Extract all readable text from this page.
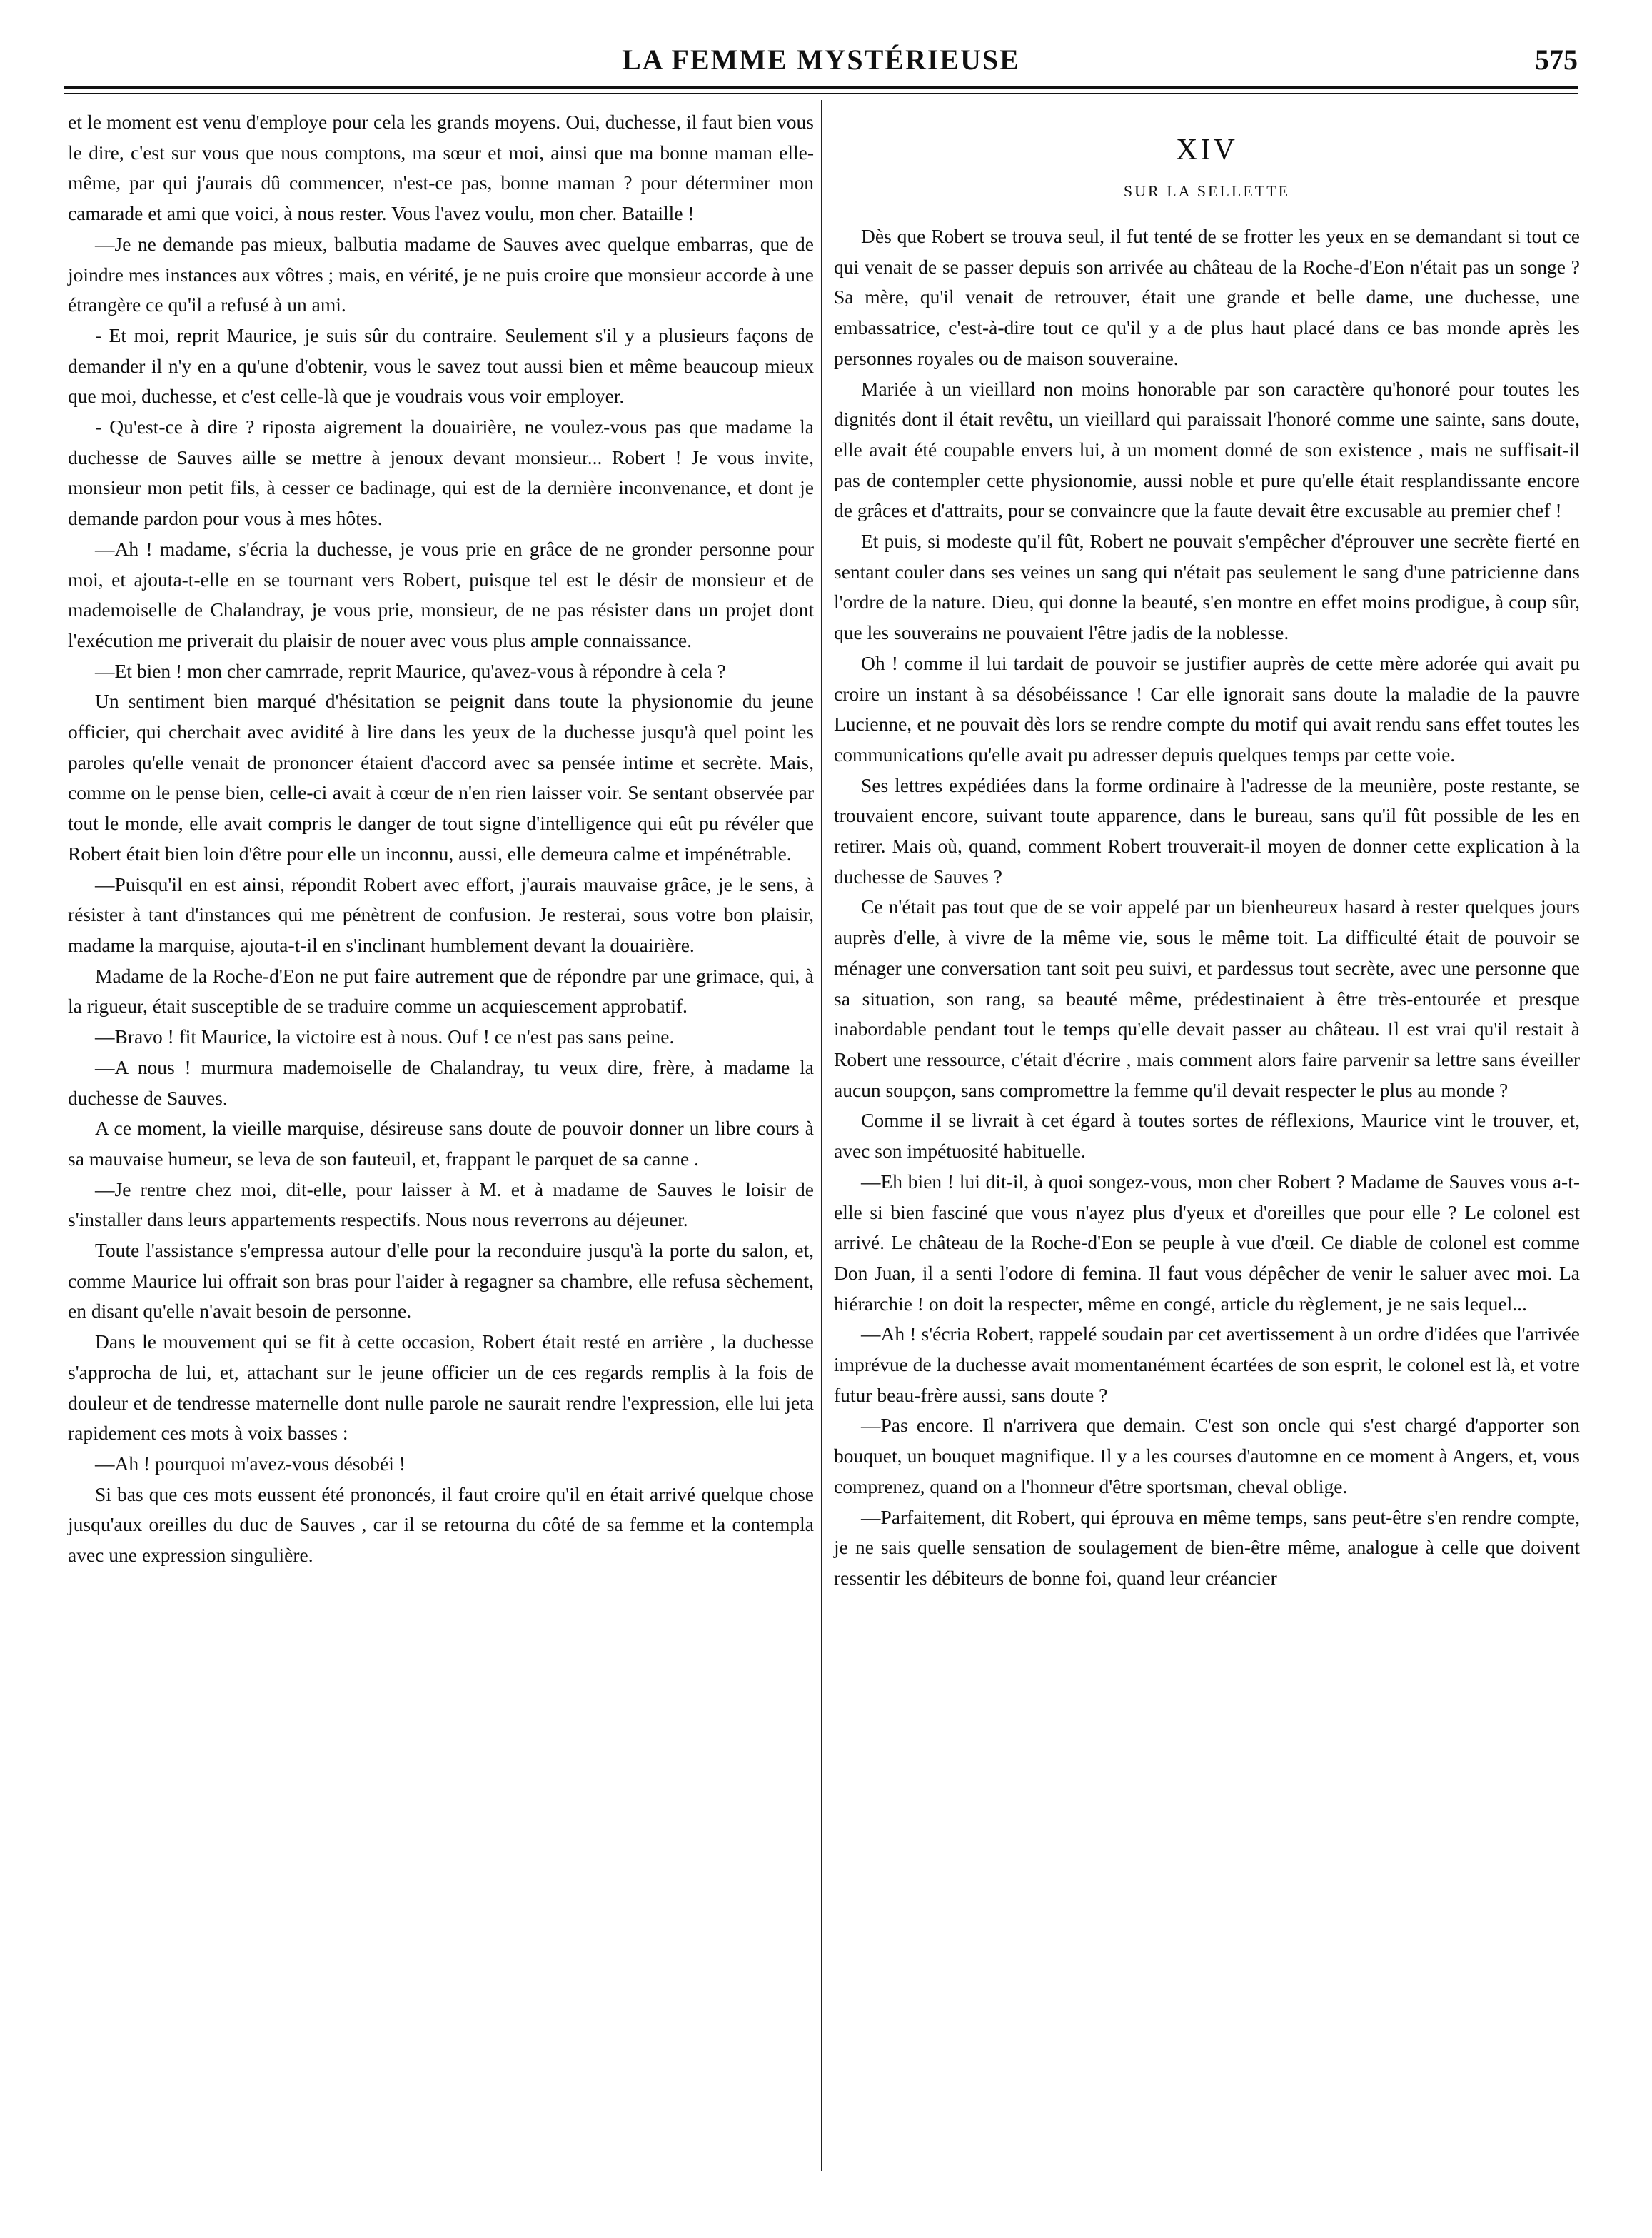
LA FEMME MYSTÉRIEUSE	575

et le moment est venu d'employe pour cela les grands moyens. Oui, duchesse, il faut bien vous le dire, c'est sur vous que nous comptons, ma sœur et moi, ainsi que ma bonne maman elle-même, par qui j'aurais dû commencer, n'est-ce pas, bonne maman ? pour déterminer mon camarade et ami que voici, à nous rester. Vous l'avez voulu, mon cher. Bataille !

—Je ne demande pas mieux, balbutia madame de Sauves avec quelque embarras, que de joindre mes instances aux vôtres ; mais, en vérité, je ne puis croire que monsieur accorde à une étrangère ce qu'il a refusé à un ami.

- Et moi, reprit Maurice, je suis sûr du contraire. Seulement s'il y a plusieurs façons de demander il n'y en a qu'une d'obtenir, vous le savez tout aussi bien et même beaucoup mieux que moi, duchesse, et c'est celle-là que je voudrais vous voir employer.

- Qu'est-ce à dire ? riposta aigrement la douairière, ne voulez-vous pas que madame la duchesse de Sauves aille se mettre à jenoux devant monsieur... Robert ! Je vous invite, monsieur mon petit fils, à cesser ce badinage, qui est de la dernière inconvenance, et dont je demande pardon pour vous à mes hôtes.

—Ah ! madame, s'écria la duchesse, je vous prie en grâce de ne gronder personne pour moi, et ajouta-t-elle en se tournant vers Robert, puisque tel est le désir de monsieur et de mademoiselle de Chalandray, je vous prie, monsieur, de ne pas résister dans un projet dont l'exécution me priverait du plaisir de nouer avec vous plus ample connaissance.

—Et bien ! mon cher camrrade, reprit Maurice, qu'avez-vous à répondre à cela ?

Un sentiment bien marqué d'hésitation se peignit dans toute la physionomie du jeune officier, qui cherchait avec avidité à lire dans les yeux de la duchesse jusqu'à quel point les paroles qu'elle venait de prononcer étaient d'accord avec sa pensée intime et secrète. Mais, comme on le pense bien, celle-ci avait à cœur de n'en rien laisser voir. Se sentant observée par tout le monde, elle avait compris le danger de tout signe d'intelligence qui eût pu révéler que Robert était bien loin d'être pour elle un inconnu, aussi, elle demeura calme et impénétrable.

—Puisqu'il en est ainsi, répondit Robert avec effort, j'aurais mauvaise grâce, je le sens, à résister à tant d'instances qui me pénètrent de confusion. Je resterai, sous votre bon plaisir, madame la marquise, ajouta-t-il en s'inclinant humblement devant la douairière.

Madame de la Roche-d'Eon ne put faire autrement que de répondre par une grimace, qui, à la rigueur, était susceptible de se traduire comme un acquiescement approbatif.

—Bravo ! fit Maurice, la victoire est à nous. Ouf ! ce n'est pas sans peine.

—A nous ! murmura mademoiselle de Chalandray, tu veux dire, frère, à madame la duchesse de Sauves.

A ce moment, la vieille marquise, désireuse sans doute de pouvoir donner un libre cours à sa mauvaise humeur, se leva de son fauteuil, et, frappant le parquet de sa canne .

—Je rentre chez moi, dit-elle, pour laisser à M. et à madame de Sauves le loisir de s'installer dans leurs appartements respectifs. Nous nous reverrons au déjeuner.

Toute l'assistance s'empressa autour d'elle pour la reconduire jusqu'à la porte du salon, et, comme Maurice lui offrait son bras pour l'aider à regagner sa chambre, elle refusa sèchement, en disant qu'elle n'avait besoin de personne.

Dans le mouvement qui se fit à cette occasion, Robert était resté en arrière , la duchesse s'approcha de lui, et, attachant sur le jeune officier un de ces regards remplis à la fois de douleur et de tendresse maternelle dont nulle parole ne saurait rendre l'expression, elle lui jeta rapidement ces mots à voix basses :

—Ah ! pourquoi m'avez-vous désobéi !

Si bas que ces mots eussent été prononcés, il faut croire qu'il en était arrivé quelque chose jusqu'aux oreilles du duc de Sauves , car il se retourna du côté de sa femme et la contempla avec une expression singulière.

XIV
SUR LA SELLETTE

Dès que Robert se trouva seul, il fut tenté de se frotter les yeux en se demandant si tout ce qui venait de se passer depuis son arrivée au château de la Roche-d'Eon n'était pas un songe ? Sa mère, qu'il venait de retrouver, était une grande et belle dame, une duchesse, une embassatrice, c'est-à-dire tout ce qu'il y a de plus haut placé dans ce bas monde après les personnes royales ou de maison souveraine.

Mariée à un vieillard non moins honorable par son caractère qu'honoré pour toutes les dignités dont il était revêtu, un vieillard qui paraissait l'honoré comme une sainte, sans doute, elle avait été coupable envers lui, à un moment donné de son existence , mais ne suffisait-il pas de contempler cette physionomie, aussi noble et pure qu'elle était resplandissante encore de grâces et d'attraits, pour se convaincre que la faute devait être excusable au premier chef !

Et puis, si modeste qu'il fût, Robert ne pouvait s'empêcher d'éprouver une secrète fierté en sentant couler dans ses veines un sang qui n'était pas seulement le sang d'une patricienne dans l'ordre de la nature. Dieu, qui donne la beauté, s'en montre en effet moins prodigue, à coup sûr, que les souverains ne pouvaient l'être jadis de la noblesse.

Oh ! comme il lui tardait de pouvoir se justifier auprès de cette mère adorée qui avait pu croire un instant à sa désobéissance ! Car elle ignorait sans doute la maladie de la pauvre Lucienne, et ne pouvait dès lors se rendre compte du motif qui avait rendu sans effet toutes les communications qu'elle avait pu adresser depuis quelques temps par cette voie.

Ses lettres expédiées dans la forme ordinaire à l'adresse de la meunière, poste restante, se trouvaient encore, suivant toute apparence, dans le bureau, sans qu'il fût possible de les en retirer. Mais où, quand, comment Robert trouverait-il moyen de donner cette explication à la duchesse de Sauves ?

Ce n'était pas tout que de se voir appelé par un bienheureux hasard à rester quelques jours auprès d'elle, à vivre de la même vie, sous le même toit. La difficulté était de pouvoir se ménager une conversation tant soit peu suivi, et pardessus tout secrète, avec une personne que sa situation, son rang, sa beauté même, prédestinaient à être très-entourée et presque inabordable pendant tout le temps qu'elle devait passer au château. Il est vrai qu'il restait à Robert une ressource, c'était d'écrire , mais comment alors faire parvenir sa lettre sans éveiller aucun soupçon, sans compromettre la femme qu'il devait respecter le plus au monde ?

Comme il se livrait à cet égard à toutes sortes de réflexions, Maurice vint le trouver, et, avec son impétuosité habituelle.

—Eh bien ! lui dit-il, à quoi songez-vous, mon cher Robert ? Madame de Sauves vous a-t-elle si bien fasciné que vous n'ayez plus d'yeux et d'oreilles que pour elle ? Le colonel est arrivé. Le château de la Roche-d'Eon se peuple à vue d'œil. Ce diable de colonel est comme Don Juan, il a senti l'odore di femina. Il faut vous dépêcher de venir le saluer avec moi. La hiérarchie ! on doit la respecter, même en congé, article du règlement, je ne sais lequel...

—Ah ! s'écria Robert, rappelé soudain par cet avertissement à un ordre d'idées que l'arrivée imprévue de la duchesse avait momentanément écartées de son esprit, le colonel est là, et votre futur beau-frère aussi, sans doute ?

—Pas encore. Il n'arrivera que demain. C'est son oncle qui s'est chargé d'apporter son bouquet, un bouquet magnifique. Il y a les courses d'automne en ce moment à Angers, et, vous comprenez, quand on a l'honneur d'être sportsman, cheval oblige.

—Parfaitement, dit Robert, qui éprouva en même temps, sans peut-être s'en rendre compte, je ne sais quelle sensation de soulagement de bien-être même, analogue à celle que doivent ressentir les débiteurs de bonne foi, quand leur créancier
